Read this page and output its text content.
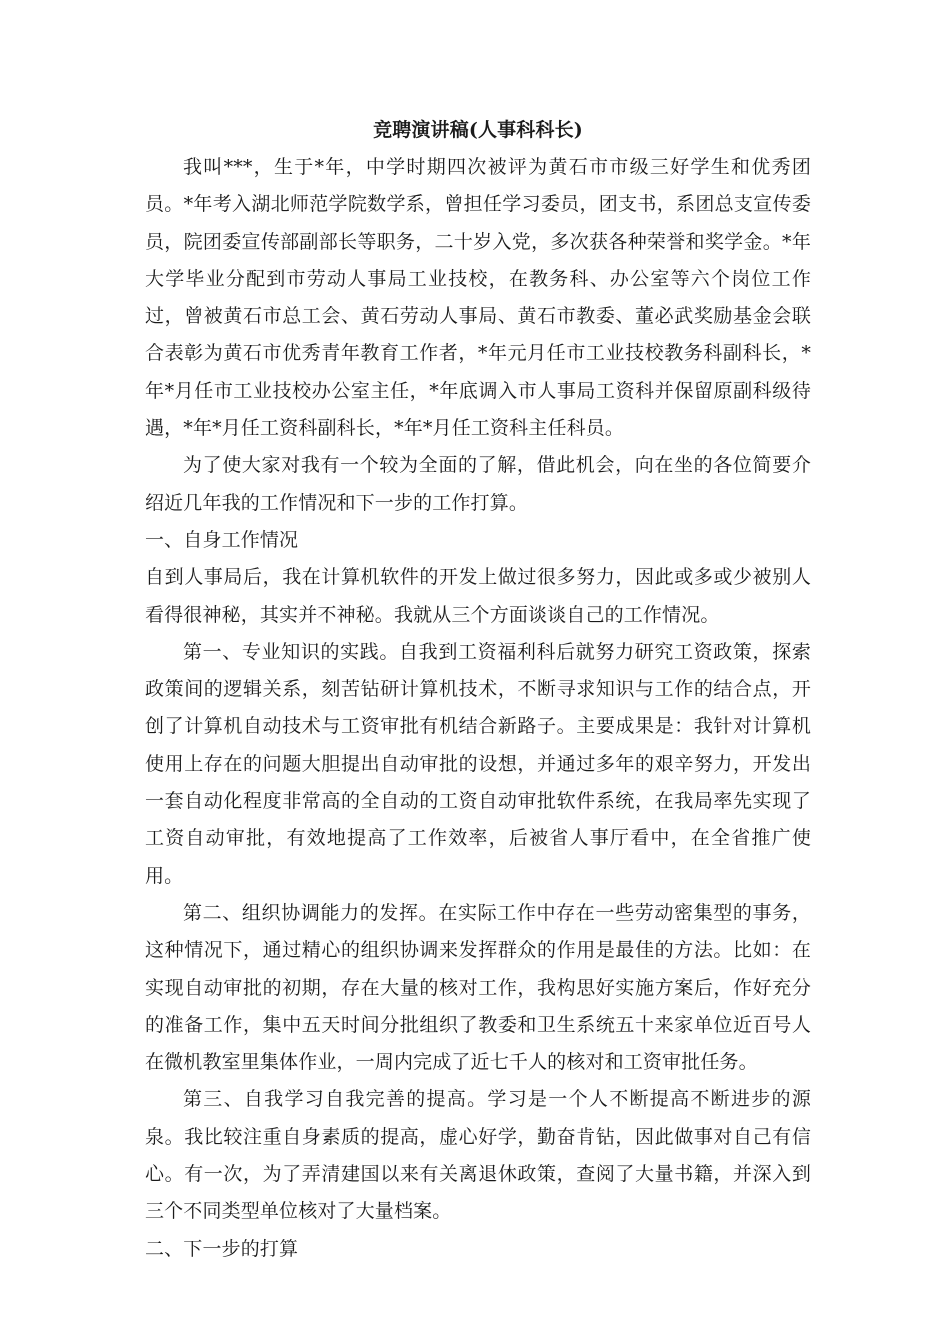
竞聘演讲稿(人事科科长)

我叫***，生于*年，中学时期四次被评为黄石市市级三好学生和优秀团员。*年考入湖北师范学院数学系，曾担任学习委员，团支书，系团总支宣传委员，院团委宣传部副部长等职务，二十岁入党，多次获各种荣誉和奖学金。*年大学毕业分配到市劳动人事局工业技校，在教务科、办公室等六个岗位工作过，曾被黄石市总工会、黄石劳动人事局、黄石市教委、董必武奖励基金会联合表彰为黄石市优秀青年教育工作者，*年元月任市工业技校教务科副科长，*年*月任市工业技校办公室主任，*年底调入市人事局工资科并保留原副科级待遇，*年*月任工资科副科长，*年*月任工资科主任科员。

为了使大家对我有一个较为全面的了解，借此机会，向在坐的各位简要介绍近几年我的工作情况和下一步的工作打算。

一、自身工作情况

自到人事局后，我在计算机软件的开发上做过很多努力，因此或多或少被别人看得很神秘，其实并不神秘。我就从三个方面谈谈自己的工作情况。

第一、专业知识的实践。自我到工资福利科后就努力研究工资政策，探索政策间的逻辑关系，刻苦钻研计算机技术，不断寻求知识与工作的结合点，开创了计算机自动技术与工资审批有机结合新路子。主要成果是：我针对计算机使用上存在的问题大胆提出自动审批的设想，并通过多年的艰辛努力，开发出一套自动化程度非常高的全自动的工资自动审批软件系统，在我局率先实现了工资自动审批，有效地提高了工作效率，后被省人事厅看中，在全省推广使用。

第二、组织协调能力的发挥。在实际工作中存在一些劳动密集型的事务，这种情况下，通过精心的组织协调来发挥群众的作用是最佳的方法。比如：在实现自动审批的初期，存在大量的核对工作，我构思好实施方案后，作好充分的准备工作，集中五天时间分批组织了教委和卫生系统五十来家单位近百号人在微机教室里集体作业，一周内完成了近七千人的核对和工资审批任务。

第三、自我学习自我完善的提高。学习是一个人不断提高不断进步的源泉。我比较注重自身素质的提高，虚心好学，勤奋肯钻，因此做事对自己有信心。有一次，为了弄清建国以来有关离退休政策，查阅了大量书籍，并深入到三个不同类型单位核对了大量档案。

二、下一步的打算
